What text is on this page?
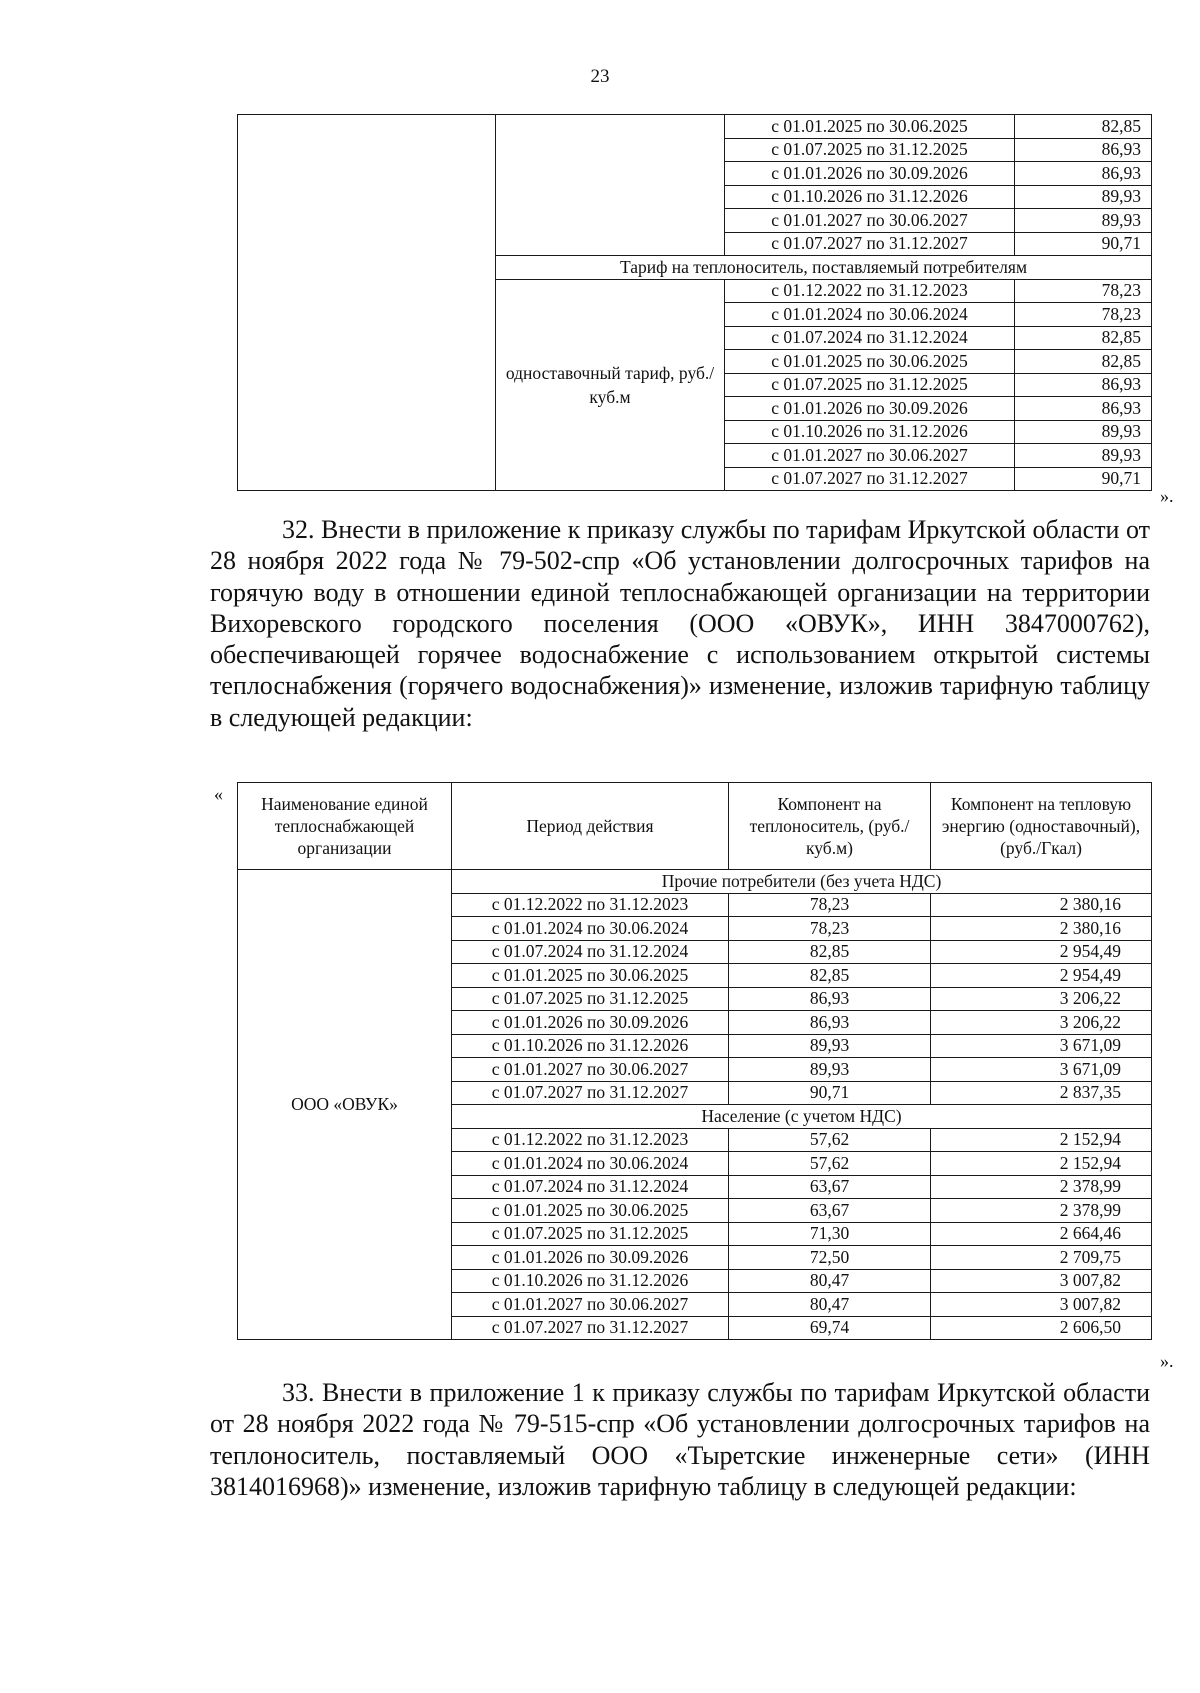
23
		с 01.01.2025 по 30.06.2025	82,85
		с 01.07.2025 по 31.12.2025	86,93
		с 01.01.2026 по 30.09.2026	86,93
		с 01.10.2026 по 31.12.2026	89,93
		с 01.01.2027 по 30.06.2027	89,93
		с 01.07.2027 по 31.12.2027	90,71
	Тариф на теплоноситель, поставляемый потребителям		
	одноставочный тариф, руб./куб.м	с 01.12.2022 по 31.12.2023	78,23
		с 01.01.2024 по 30.06.2024	78,23
		с 01.07.2024 по 31.12.2024	82,85
		с 01.01.2025 по 30.06.2025	82,85
		с 01.07.2025 по 31.12.2025	86,93
		с 01.01.2026 по 30.09.2026	86,93
		с 01.10.2026 по 31.12.2026	89,93
		с 01.01.2027 по 30.06.2027	89,93
		с 01.07.2027 по 31.12.2027	90,71
».

32. Внести в приложение к приказу службы по тарифам Иркутской области от 28 ноября 2022 года № 79-502-спр «Об установлении долгосрочных тарифов на горячую воду в отношении единой теплоснабжающей организации на территории Вихоревского городского поселения (ООО «ОВУК», ИНН 3847000762), обеспечивающей горячее водоснабжение с использованием открытой системы теплоснабжения (горячего водоснабжения)» изменение, изложив тарифную таблицу в следующей редакции:

« Наименование единой теплоснабжающей организации	Период действия	Компонент на теплоноситель, (руб./куб.м)	Компонент на тепловую энергию (одноставочный), (руб./Гкал)
ООО «ОВУК»	Прочие потребители (без учета НДС)		
	с 01.12.2022 по 31.12.2023	78,23	2 380,16
	с 01.01.2024 по 30.06.2024	78,23	2 380,16
	с 01.07.2024 по 31.12.2024	82,85	2 954,49
	с 01.01.2025 по 30.06.2025	82,85	2 954,49
	с 01.07.2025 по 31.12.2025	86,93	3 206,22
	с 01.01.2026 по 30.09.2026	86,93	3 206,22
	с 01.10.2026 по 31.12.2026	89,93	3 671,09
	с 01.01.2027 по 30.06.2027	89,93	3 671,09
	с 01.07.2027 по 31.12.2027	90,71	2 837,35
	Население (с учетом НДС)		
	с 01.12.2022 по 31.12.2023	57,62	2 152,94
	с 01.01.2024 по 30.06.2024	57,62	2 152,94
	с 01.07.2024 по 31.12.2024	63,67	2 378,99
	с 01.01.2025 по 30.06.2025	63,67	2 378,99
	с 01.07.2025 по 31.12.2025	71,30	2 664,46
	с 01.01.2026 по 30.09.2026	72,50	2 709,75
	с 01.10.2026 по 31.12.2026	80,47	3 007,82
	с 01.01.2027 по 30.06.2027	80,47	3 007,82
	с 01.07.2027 по 31.12.2027	69,74	2 606,50
».

33. Внести в приложение 1 к приказу службы по тарифам Иркутской области от 28 ноября 2022 года № 79-515-спр «Об установлении долгосрочных тарифов на теплоноситель, поставляемый ООО «Тыретские инженерные сети» (ИНН 3814016968)» изменение, изложив тарифную таблицу в следующей редакции:
